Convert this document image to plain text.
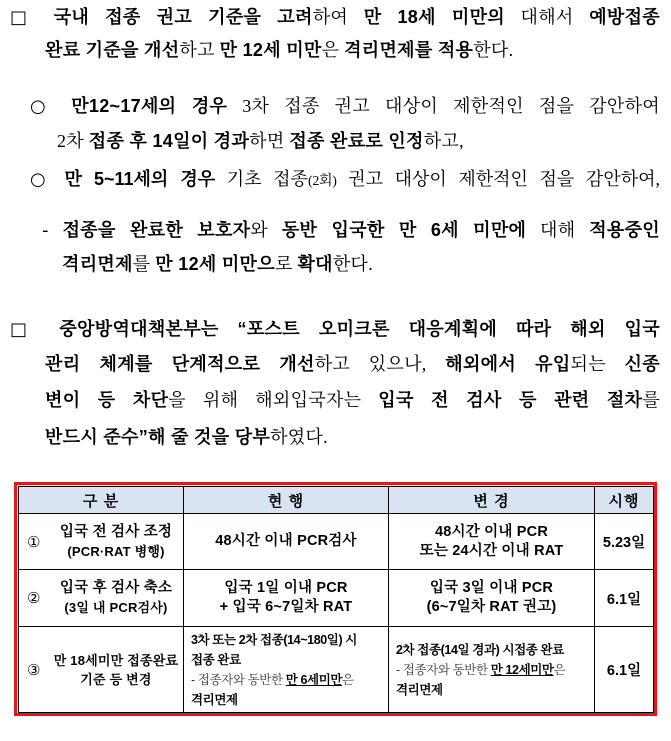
□ 국내 접종 권고 기준을 고려하여 만 18세 미만의 대해서 예방접종
완료 기준을 개선하고 만 12세 미만은 격리면제를 적용한다.
○ 만12~17세의 경우 3차 접종 권고 대상이 제한적인 점을 감안하여
2차 접종 후 14일이 경과하면 접종 완료로 인정하고,
○ 만 5~11세의 경우 기초 접종(2회) 권고 대상이 제한적인 점을 감안하여,
- 접종을 완료한 보호자와 동반 입국한 만 6세 미만에 대해 적용중인
격리면제를 만 12세 미만으로 확대한다.
□ 중앙방역대책본부는 “포스트 오미크론 대응계획에 따라 해외 입국
관리 체계를 단계적으로 개선하고 있으나, 해외에서 유입되는 신종
변이 등 차단을 위해 해외입국자는 입국 전 검사 등 관련 절차를
반드시 준수”해 줄 것을 당부하였다.
구 분	현 행	변 경	시행

①
입국 전 검사 조정
(PCR·RAT 병행)	48시간 이내 PCR검사	48시간 이내 PCR
또는 24시간 이내 RAT	5.23일

②
입국 후 검사 축소
(3일 내 PCR검사)	입국 1일 이내 PCR
+ 입국 6~7일차 RAT	입국 3일 이내 PCR
(6~7일차 RAT 권고)	6.1일

③
만 18세미만 접종완료
기준 등 변경	3차 또는 2차 접종(14~180일) 시
접종 완료
- 접종자와 동반한 만 6세미만은
격리면제	2차 접종(14일 경과) 시접종 완료
- 접종자와 동반한 만 12세미만은
격리면제	6.1일
